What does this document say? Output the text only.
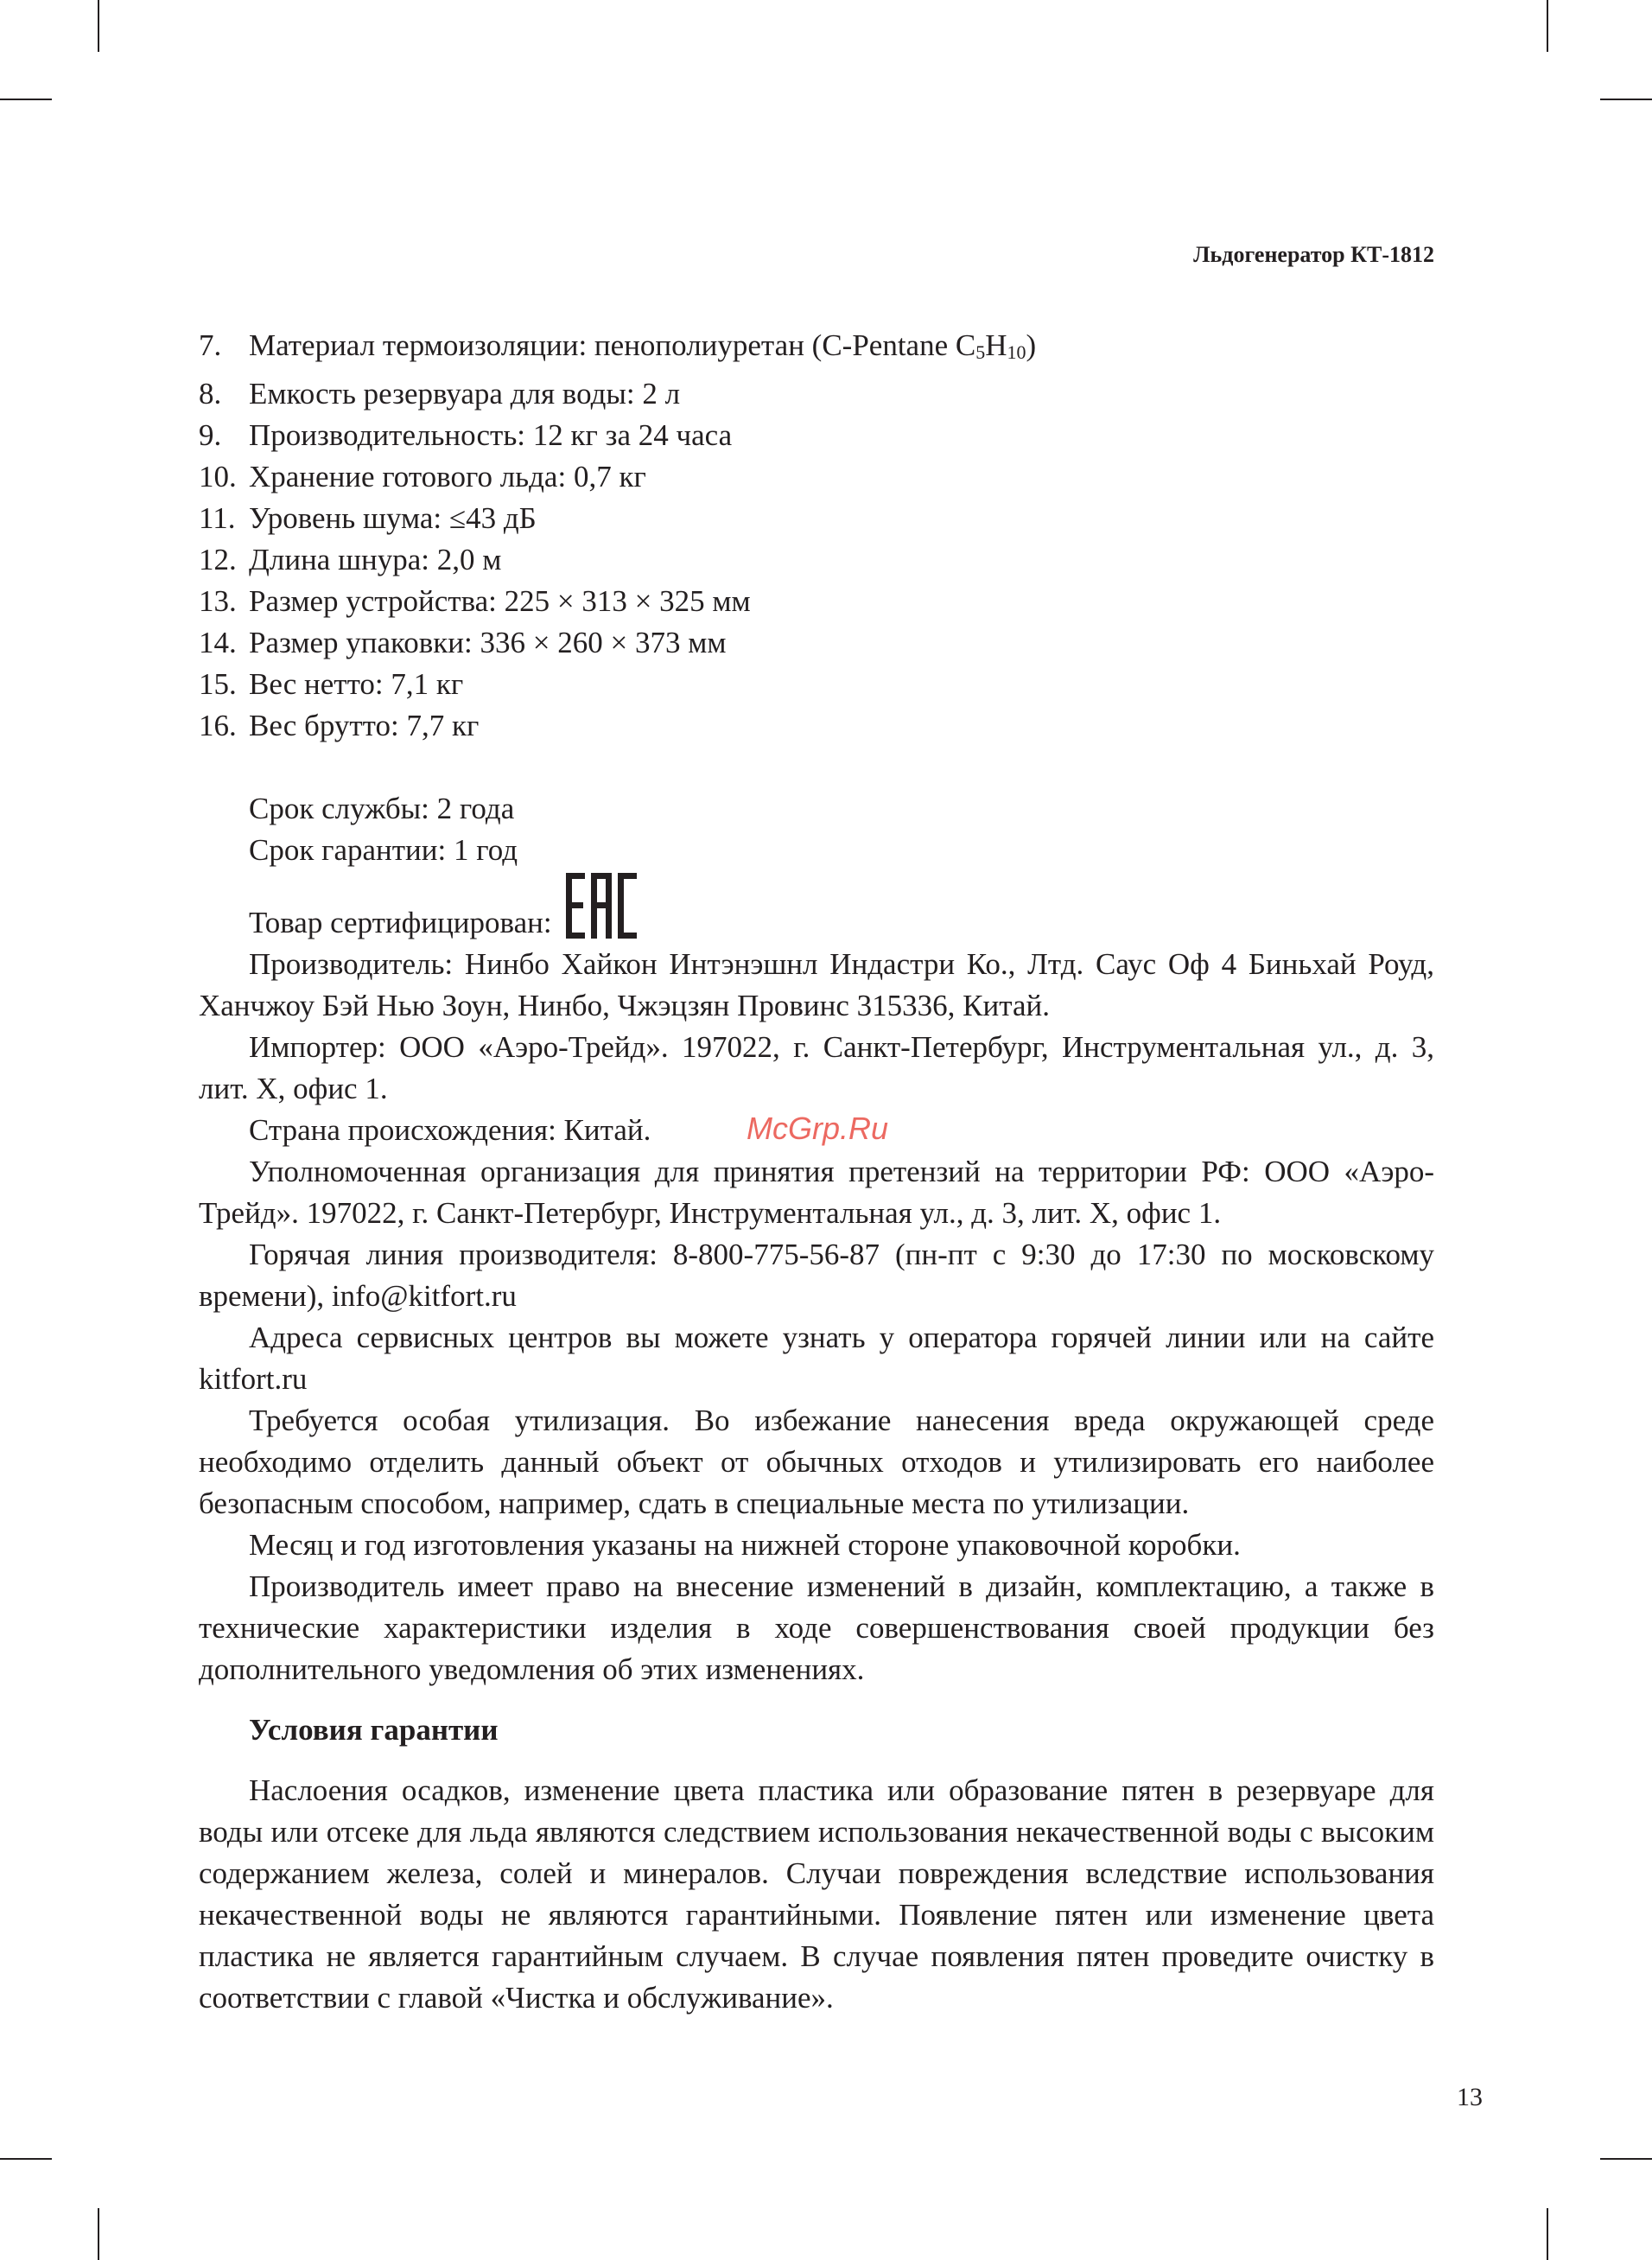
Льдогенератор КТ-1812
7. Материал термоизоляции: пенополиуретан (C-Pentane $C_5H_{10}$)
8. Емкость резервуара для воды: 2 л
9. Производительность: 12 кг за 24 часа
10. Хранение готового льда: 0,7 кг
11. Уровень шума: ≤43 дБ
12. Длина шнура: 2,0 м
13. Размер устройства: 225 × 313 × 325 мм
14. Размер упаковки: 336 × 260 × 373 мм
15. Вес нетто: 7,1 кг
16. Вес брутто: 7,7 кг
Срок службы: 2 года
Срок гарантии: 1 год
Товар сертифицирован:

Производитель: Нинбо Хайкон Интэнэшнл Индастри Ко., Лтд. Саус Оф 4 Биньхай Роуд, Ханчжоу Бэй Нью Зоун, Нинбо, Чжэцзян Провинс 315336, Китай.

Импортер: ООО «Аэро-Трейд». 197022, г. Санкт-Петербург, Инструментальная ул., д. 3, лит. Х, офис 1.

Страна происхождения: Китай.

Уполномоченная организация для принятия претензий на территории РФ: ООО «Аэро-Трейд». 197022, г. Санкт-Петербург, Инструментальная ул., д. 3, лит. Х, офис 1.

Горячая линия производителя: 8-800-775-56-87 (пн-пт с 9:30 до 17:30 по московскому времени), info@kitfort.ru

Адреса сервисных центров вы можете узнать у оператора горячей линии или на сайте kitfort.ru

Требуется особая утилизация. Во избежание нанесения вреда окружающей среде необходимо отделить данный объект от обычных отходов и утилизировать его наиболее безопасным способом, например, сдать в специальные места по утилизации.

Месяц и год изготовления указаны на нижней стороне упаковочной коробки.

Производитель имеет право на внесение изменений в дизайн, комплектацию, а также в технические характеристики изделия в ходе совершенствования своей продукции без дополнительного уведомления об этих изменениях.

Условия гарантии

Наслоения осадков, изменение цвета пластика или образование пятен в резервуаре для воды или отсеке для льда являются следствием использования некачественной воды с высоким содержанием железа, солей и минералов. Случаи повреждения вследствие использования некачественной воды не являются гарантийными. Появление пятен или изменение цвета пластика не является гарантийным случаем. В случае появления пятен проведите очистку в соответствии с главой «Чистка и обслуживание».

McGrp.Ru
13
